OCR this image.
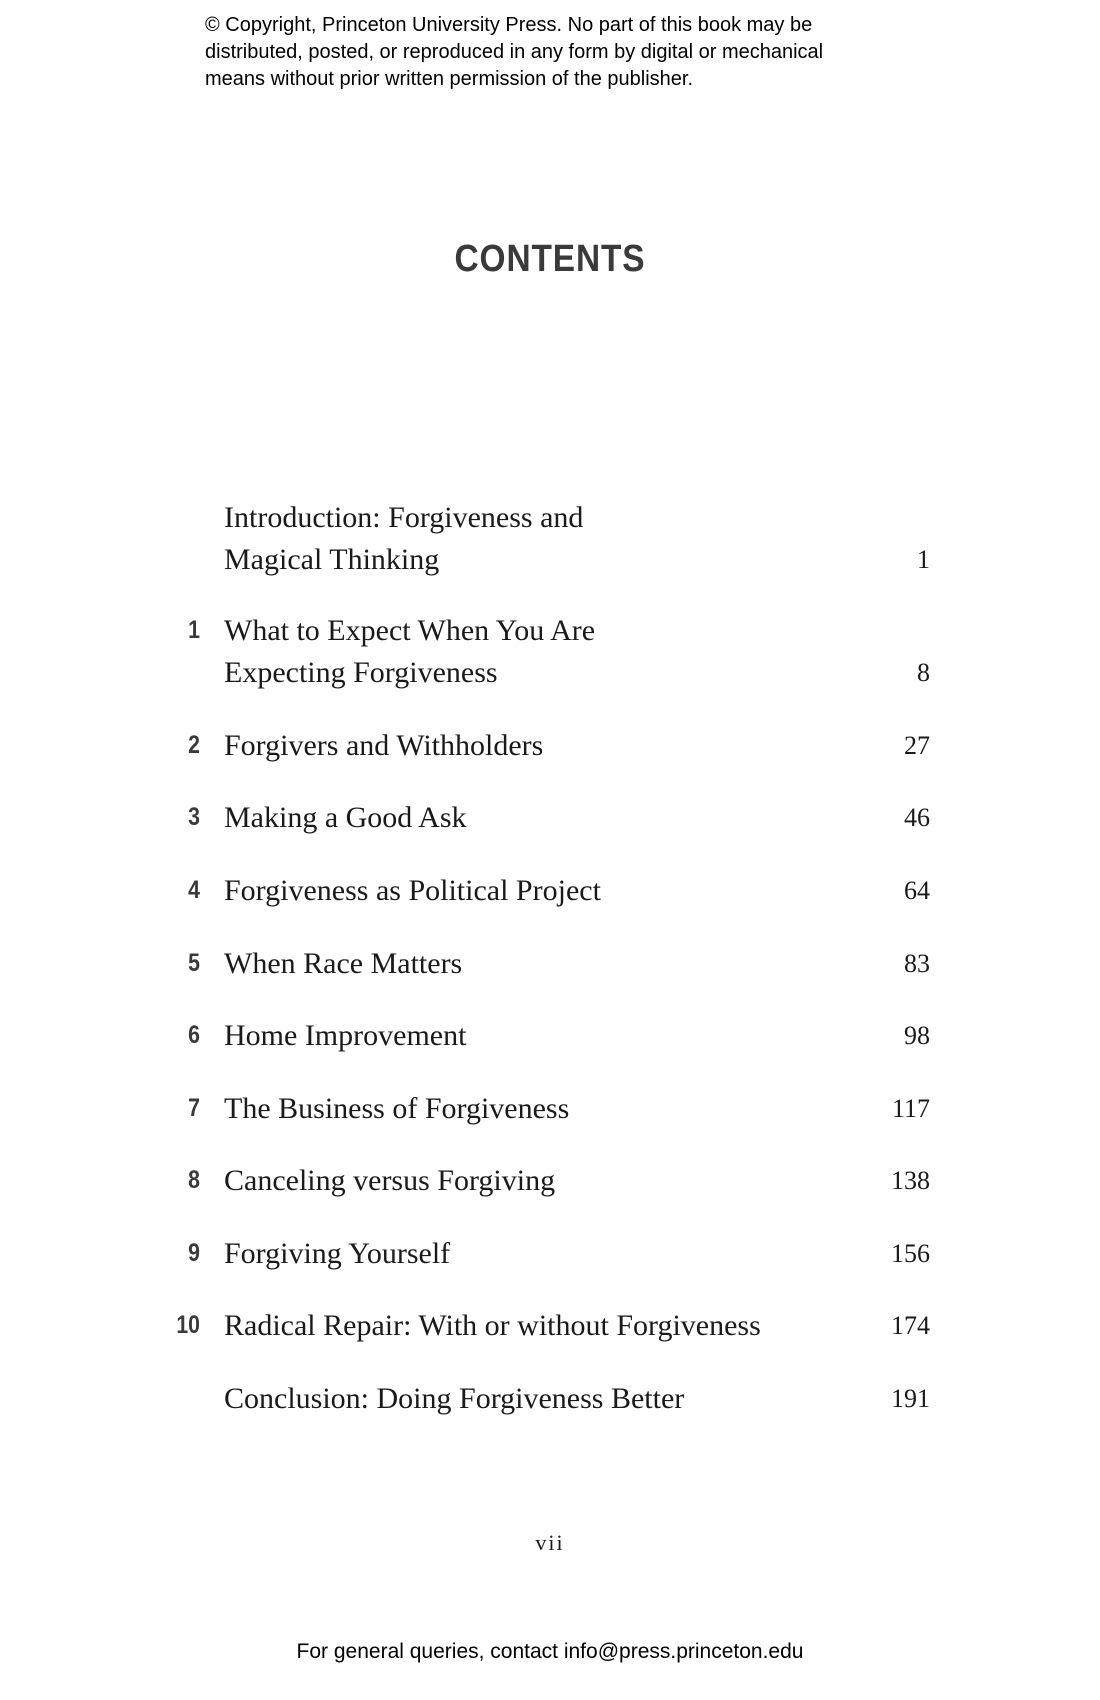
© Copyright, Princeton University Press. No part of this book may be
distributed, posted, or reproduced in any form by digital or mechanical
means without prior written permission of the publisher.

CONTENTS
Introduction: Forgiveness and
Magical Thinking	1
1 What to Expect When You Are
Expecting Forgiveness	8
2 Forgivers and Withholders	27
3 Making a Good Ask	46
4 Forgiveness as Political Project	64
5 When Race Matters	83
6 Home Improvement	98
7 The Business of Forgiveness	117
8 Canceling versus Forgiving	138
9 Forgiving Yourself	156
10 Radical Repair: With or without Forgiveness	174
Conclusion: Doing Forgiveness Better	191

vii

For general queries, contact info@press.princeton.edu
